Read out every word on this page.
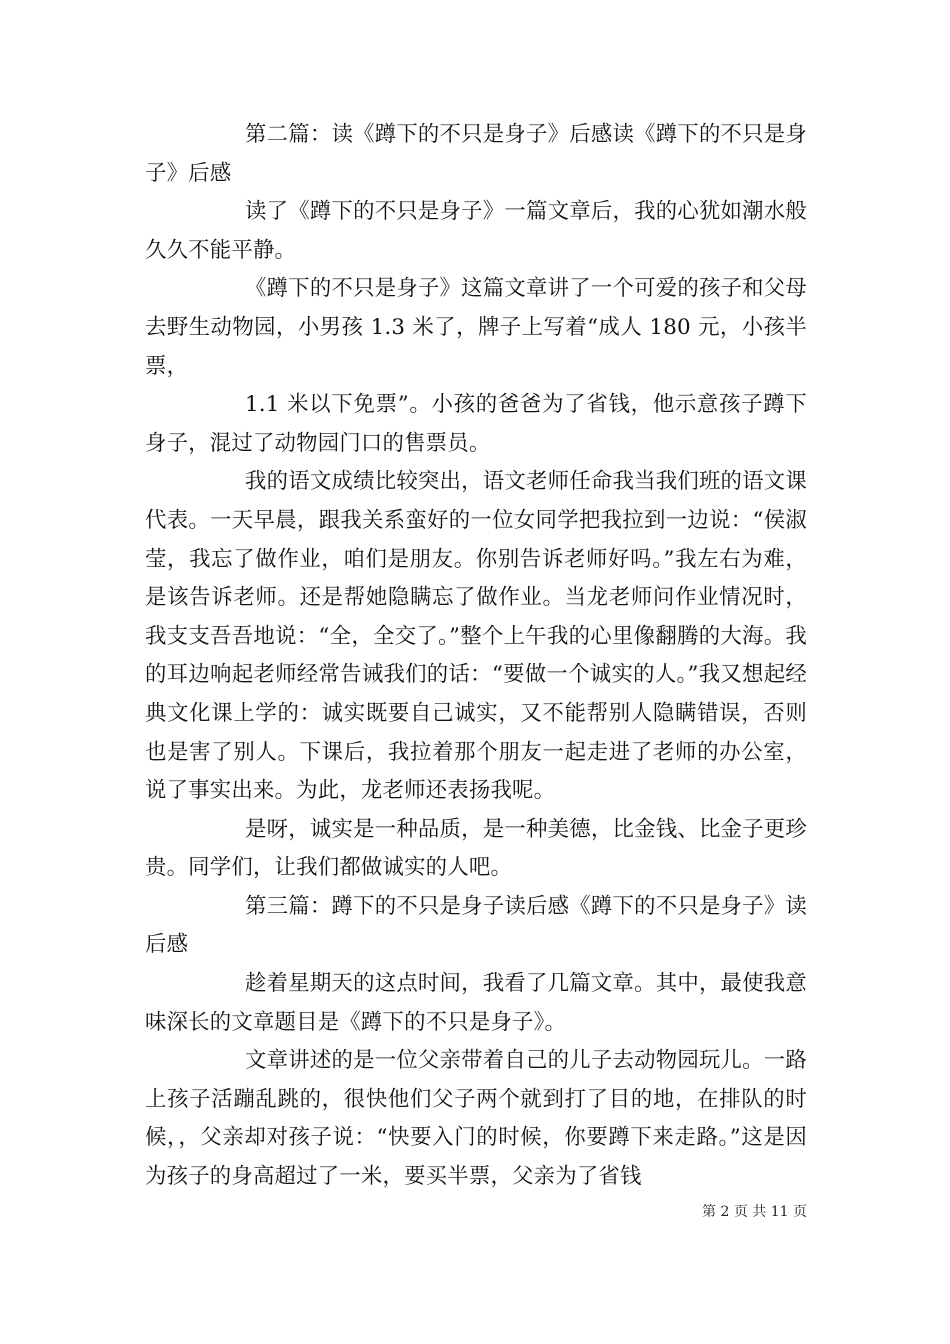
第二篇：读《蹲下的不只是身子》后感读《蹲下的不只是身子》后感

读了《蹲下的不只是身子》一篇文章后，我的心犹如潮水般久久不能平静。

《蹲下的不只是身子》这篇文章讲了一个可爱的孩子和父母去野生动物园，小男孩 1.3 米了，牌子上写着“成人 180 元，小孩半票，

1.1 米以下免票”。小孩的爸爸为了省钱，他示意孩子蹲下身子，混过了动物园门口的售票员。

我的语文成绩比较突出，语文老师任命我当我们班的语文课代表。一天早晨，跟我关系蛮好的一位女同学把我拉到一边说：“侯淑莹，我忘了做作业，咱们是朋友。你别告诉老师好吗。”我左右为难，是该告诉老师。还是帮她隐瞒忘了做作业。当龙老师问作业情况时，我支支吾吾地说：“全，全交了。”整个上午我的心里像翻腾的大海。我的耳边响起老师经常告诫我们的话：“要做一个诚实的人。”我又想起经典文化课上学的：诚实既要自己诚实，又不能帮别人隐瞒错误，否则也是害了别人。下课后，我拉着那个朋友一起走进了老师的办公室，说了事实出来。为此，龙老师还表扬我呢。

是呀，诚实是一种品质，是一种美德，比金钱、比金子更珍贵。同学们，让我们都做诚实的人吧。

第三篇：蹲下的不只是身子读后感《蹲下的不只是身子》读后感

趁着星期天的这点时间，我看了几篇文章。其中，最使我意味深长的文章题目是《蹲下的不只是身子》。

文章讲述的是一位父亲带着自己的儿子去动物园玩儿。一路上孩子活蹦乱跳的，很快他们父子两个就到打了目的地，在排队的时候，，父亲却对孩子说：“快要入门的时候，你要蹲下来走路。”这是因为孩子的身高超过了一米，要买半票，父亲为了省钱

第 2 页 共 11 页
